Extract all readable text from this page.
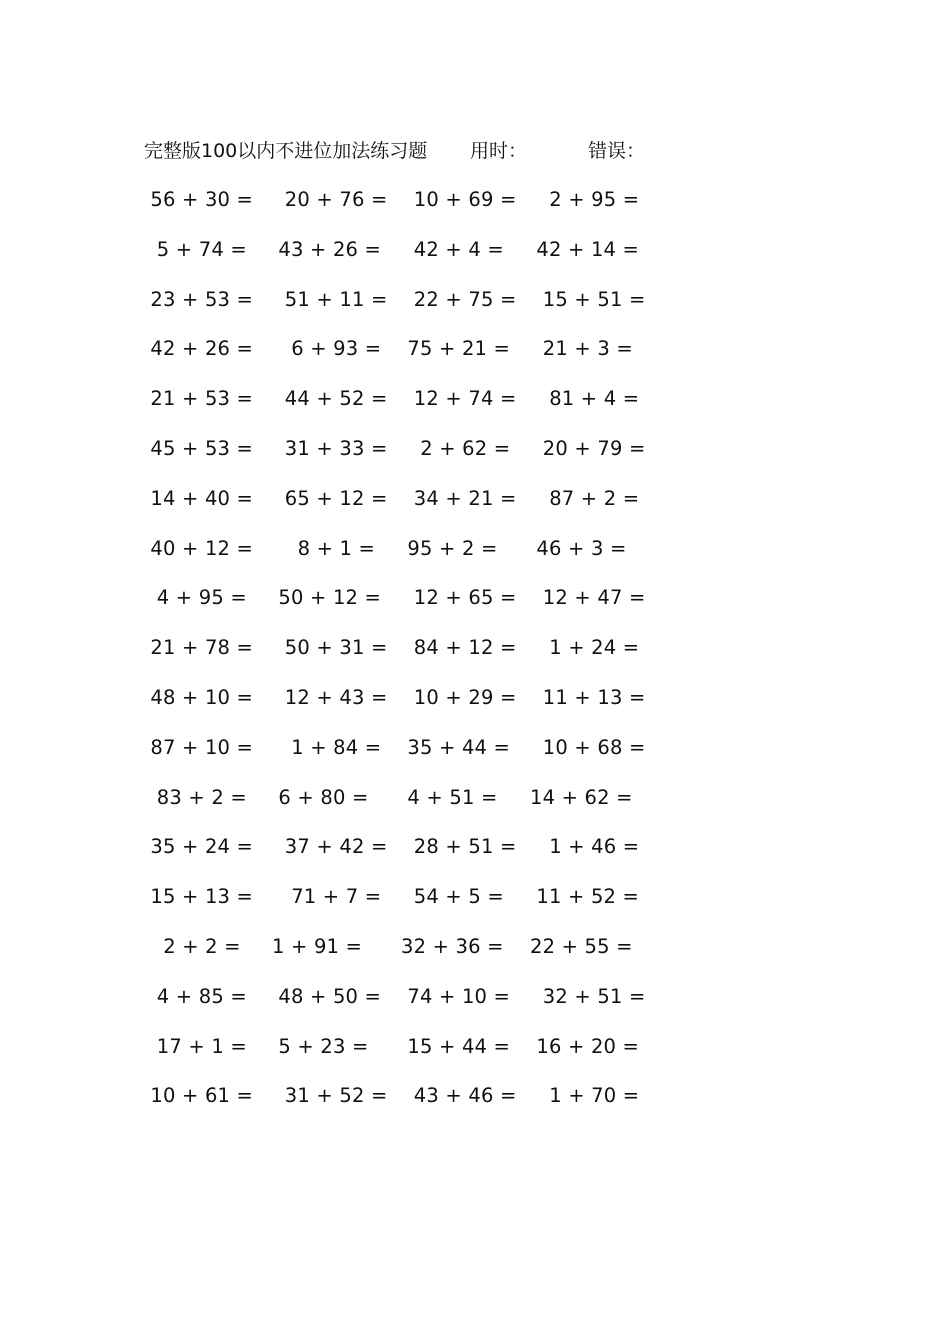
完整版100以内不进位加法练习题 用时：	错误：
56 + 30 = 20 + 76 = 10 + 69 = 2 + 95 =
5 + 74 = 43 + 26 = 42 + 4 = 42 + 14 =
23 + 53 = 51 + 11 = 22 + 75 = 15 + 51 =
42 + 26 = 6 + 93 = 75 + 21 = 21 + 3 =
21 + 53 = 44 + 52 = 12 + 74 = 81 + 4 =
45 + 53 = 31 + 33 = 2 + 62 = 20 + 79 =
14 + 40 = 65 + 12 = 34 + 21 = 87 + 2 =
40 + 12 = 8 + 1 = 95 + 2 = 46 + 3 =
4 + 95 = 50 + 12 = 12 + 65 = 12 + 47 =
21 + 78 = 50 + 31 = 84 + 12 = 1 + 24 =
48 + 10 = 12 + 43 = 10 + 29 = 11 + 13 =
87 + 10 = 1 + 84 = 35 + 44 = 10 + 68 =
83 + 2 = 6 + 80 = 4 + 51 = 14 + 62 =
35 + 24 = 37 + 42 = 28 + 51 = 1 + 46 =
15 + 13 = 71 + 7 = 54 + 5 = 11 + 52 =
2 + 2 = 1 + 91 = 32 + 36 = 22 + 55 =
4 + 85 = 48 + 50 = 74 + 10 = 32 + 51 =
17 + 1 = 5 + 23 = 15 + 44 = 16 + 20 =
10 + 61 = 31 + 52 = 43 + 46 = 1 + 70 =
